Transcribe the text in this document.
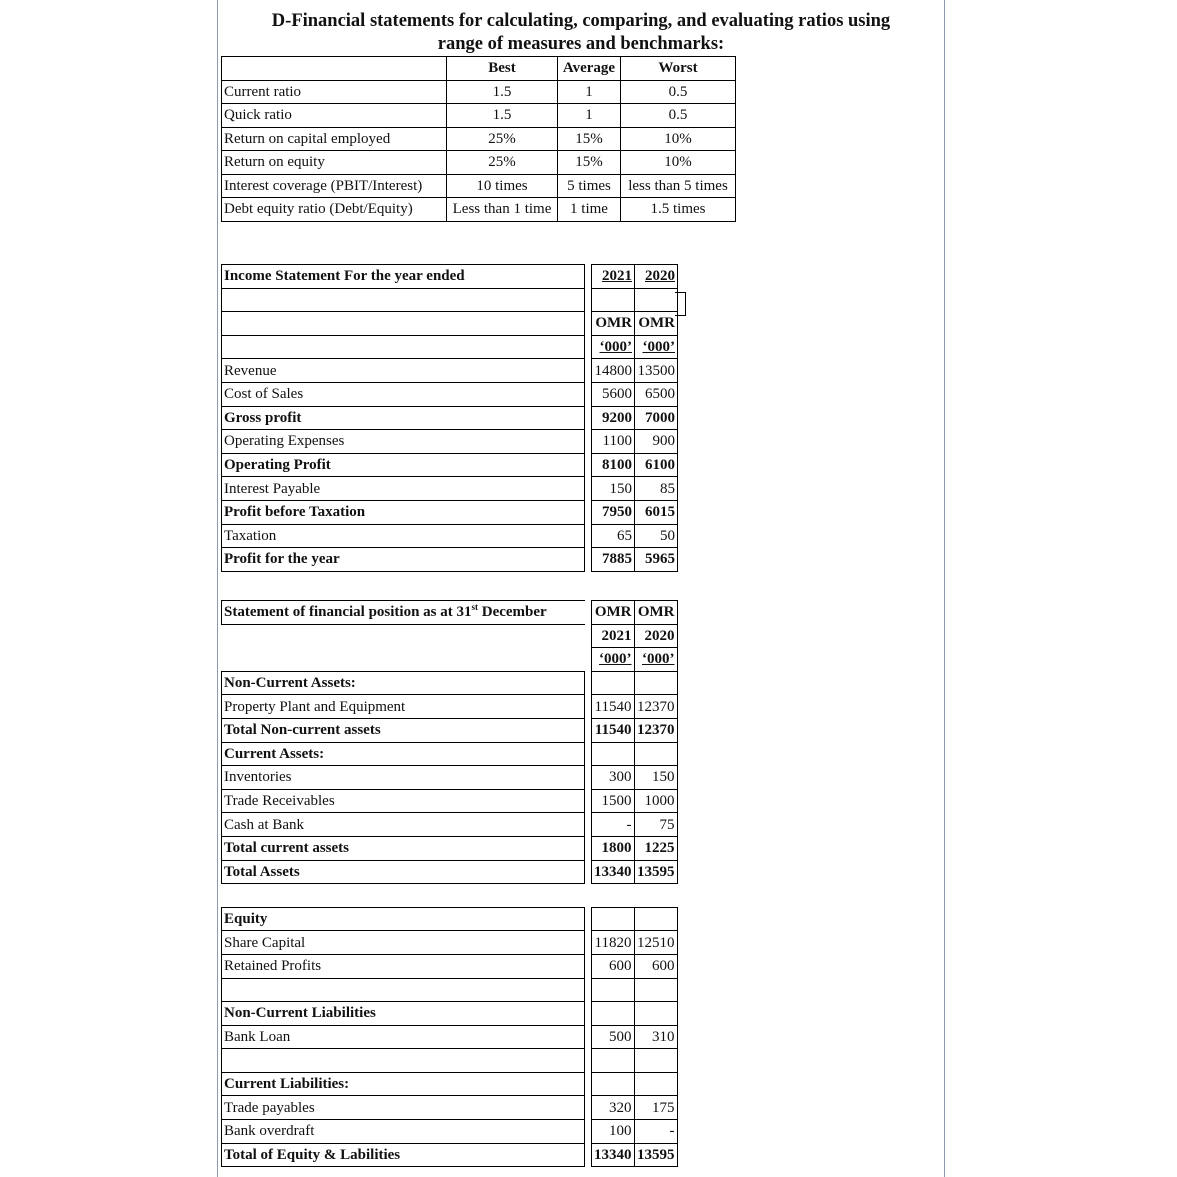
D-Financial statements for calculating, comparing, and evaluating ratios using
range of measures and benchmarks:
	Best	Average	Worst
Current ratio	1.5	1	0.5
Quick ratio	1.5	1	0.5
Return on capital employed	25%	15%	10%
Return on equity	25%	15%	10%
Interest coverage (PBIT/Interest)	10 times	5 times	less than 5 times
Debt equity ratio (Debt/Equity)	Less than 1 time	1 time	1.5 times
Income Statement For the year ended		2021	2020

		OMR	OMR
		‘000’	‘000’
Revenue		14800	13500
Cost of Sales		5600	6500
Gross profit		9200	7000
Operating Expenses		1100	900
Operating Profit		8100	6100
Interest Payable		150	85
Profit before Taxation		7950	6015
Taxation		65	50
Profit for the year		7885	5965
Statement of financial position as at 31st December		OMR	OMR
		2021	2020
		‘000’	‘000’
Non-Current Assets:			
Property Plant and Equipment		11540	12370
Total Non-current assets		11540	12370
Current Assets:			
Inventories		300	150
Trade Receivables		1500	1000
Cash at Bank		-	75
Total current assets		1800	1225
Total Assets		13340	13595

Equity			
Share Capital		11820	12510
Retained Profits		600	600

Non-Current Liabilities			
Bank Loan		500	310

Current Liabilities:			
Trade payables		320	175
Bank overdraft		100	-
Total of Equity & Labilities		13340	13595
